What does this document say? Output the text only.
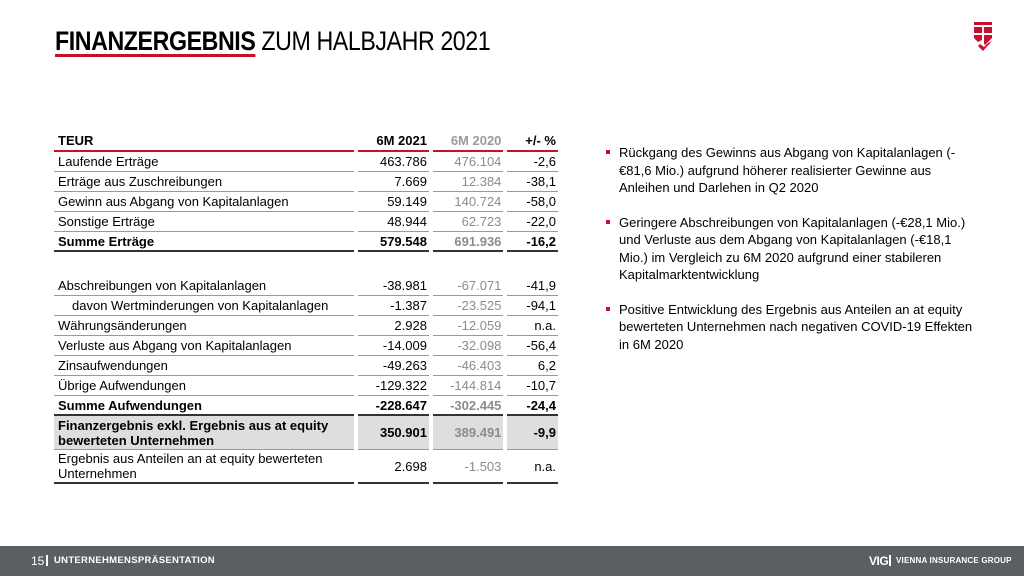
FINANZERGEBNIS ZUM HALBJAHR 2021
TEUR	6M 2021	6M 2020	+/- %
Laufende Erträge	463.786	476.104	-2,6
Erträge aus Zuschreibungen	7.669	12.384	-38,1
Gewinn aus Abgang von Kapitalanlagen	59.149	140.724	-58,0
Sonstige Erträge	48.944	62.723	-22,0
Summe Erträge	579.548	691.936	-16,2
Abschreibungen von Kapitalanlagen	-38.981	-67.071	-41,9
davon Wertminderungen von Kapitalanlagen	-1.387	-23.525	-94,1
Währungsänderungen	2.928	-12.059	n.a.
Verluste aus Abgang von Kapitalanlagen	-14.009	-32.098	-56,4
Zinsaufwendungen	-49.263	-46.403	6,2
Übrige Aufwendungen	-129.322	-144.814	-10,7
Summe Aufwendungen	-228.647	-302.445	-24,4
Finanzergebnis exkl. Ergebnis aus at equity bewerteten Unternehmen	350.901	389.491	-9,9
Ergebnis aus Anteilen an at equity bewerteten Unternehmen	2.698	-1.503	n.a.
Rückgang des Gewinns aus Abgang von Kapitalanlagen (-€81,6 Mio.) aufgrund höherer realisierter Gewinne aus Anleihen und Darlehen in Q2 2020
Geringere Abschreibungen von Kapitalanlagen (-€28,1 Mio.) und Verluste aus dem Abgang von Kapitalanlagen (-€18,1 Mio.) im Vergleich zu 6M 2020 aufgrund einer stabileren Kapitalmarktentwicklung
Positive Entwicklung des Ergebnis aus Anteilen an at equity bewerteten Unternehmen nach negativen COVID-19 Effekten in 6M 2020
15 UNTERNEHMENSPRÄSENTATION	VIG VIENNA INSURANCE GROUP
